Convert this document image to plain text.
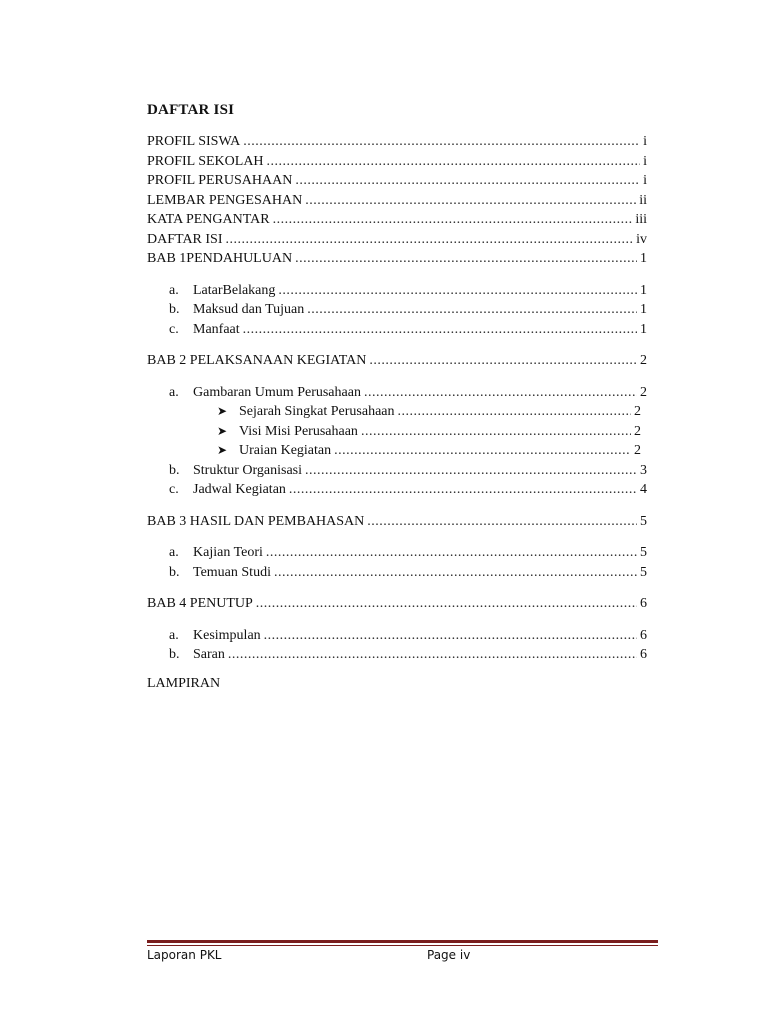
DAFTAR ISI
PROFIL SISWA .....	i
PROFIL SEKOLAH .....	i
PROFIL PERUSAHAAN .....	i
LEMBAR PENGESAHAN .....	ii
KATA PENGANTAR .....	iii
DAFTAR ISI .....	iv
BAB 1PENDAHULUAN .....	1
a.	LatarBelakang .....	1
b. Maksud dan Tujuan .....	1
c.	Manfaat .....	1
BAB 2 PELAKSANAAN KEGIATAN .....	2
a.	Gambaran Umum Perusahaan .....	2
➤ Sejarah Singkat Perusahaan .....	2
➤ Visi Misi Perusahaan .....	2
➤ Uraian Kegiatan .....	2
b. Struktur Organisasi .....	3
c.	Jadwal Kegiatan .....	4
BAB 3 HASIL DAN PEMBAHASAN .....	5
a.	Kajian Teori .....	5
b. Temuan Studi .....	5
BAB 4 PENUTUP .....	6
a.	Kesimpulan .....	6
b. Saran .....	6
LAMPIRAN
Laporan PKL	Page iv
